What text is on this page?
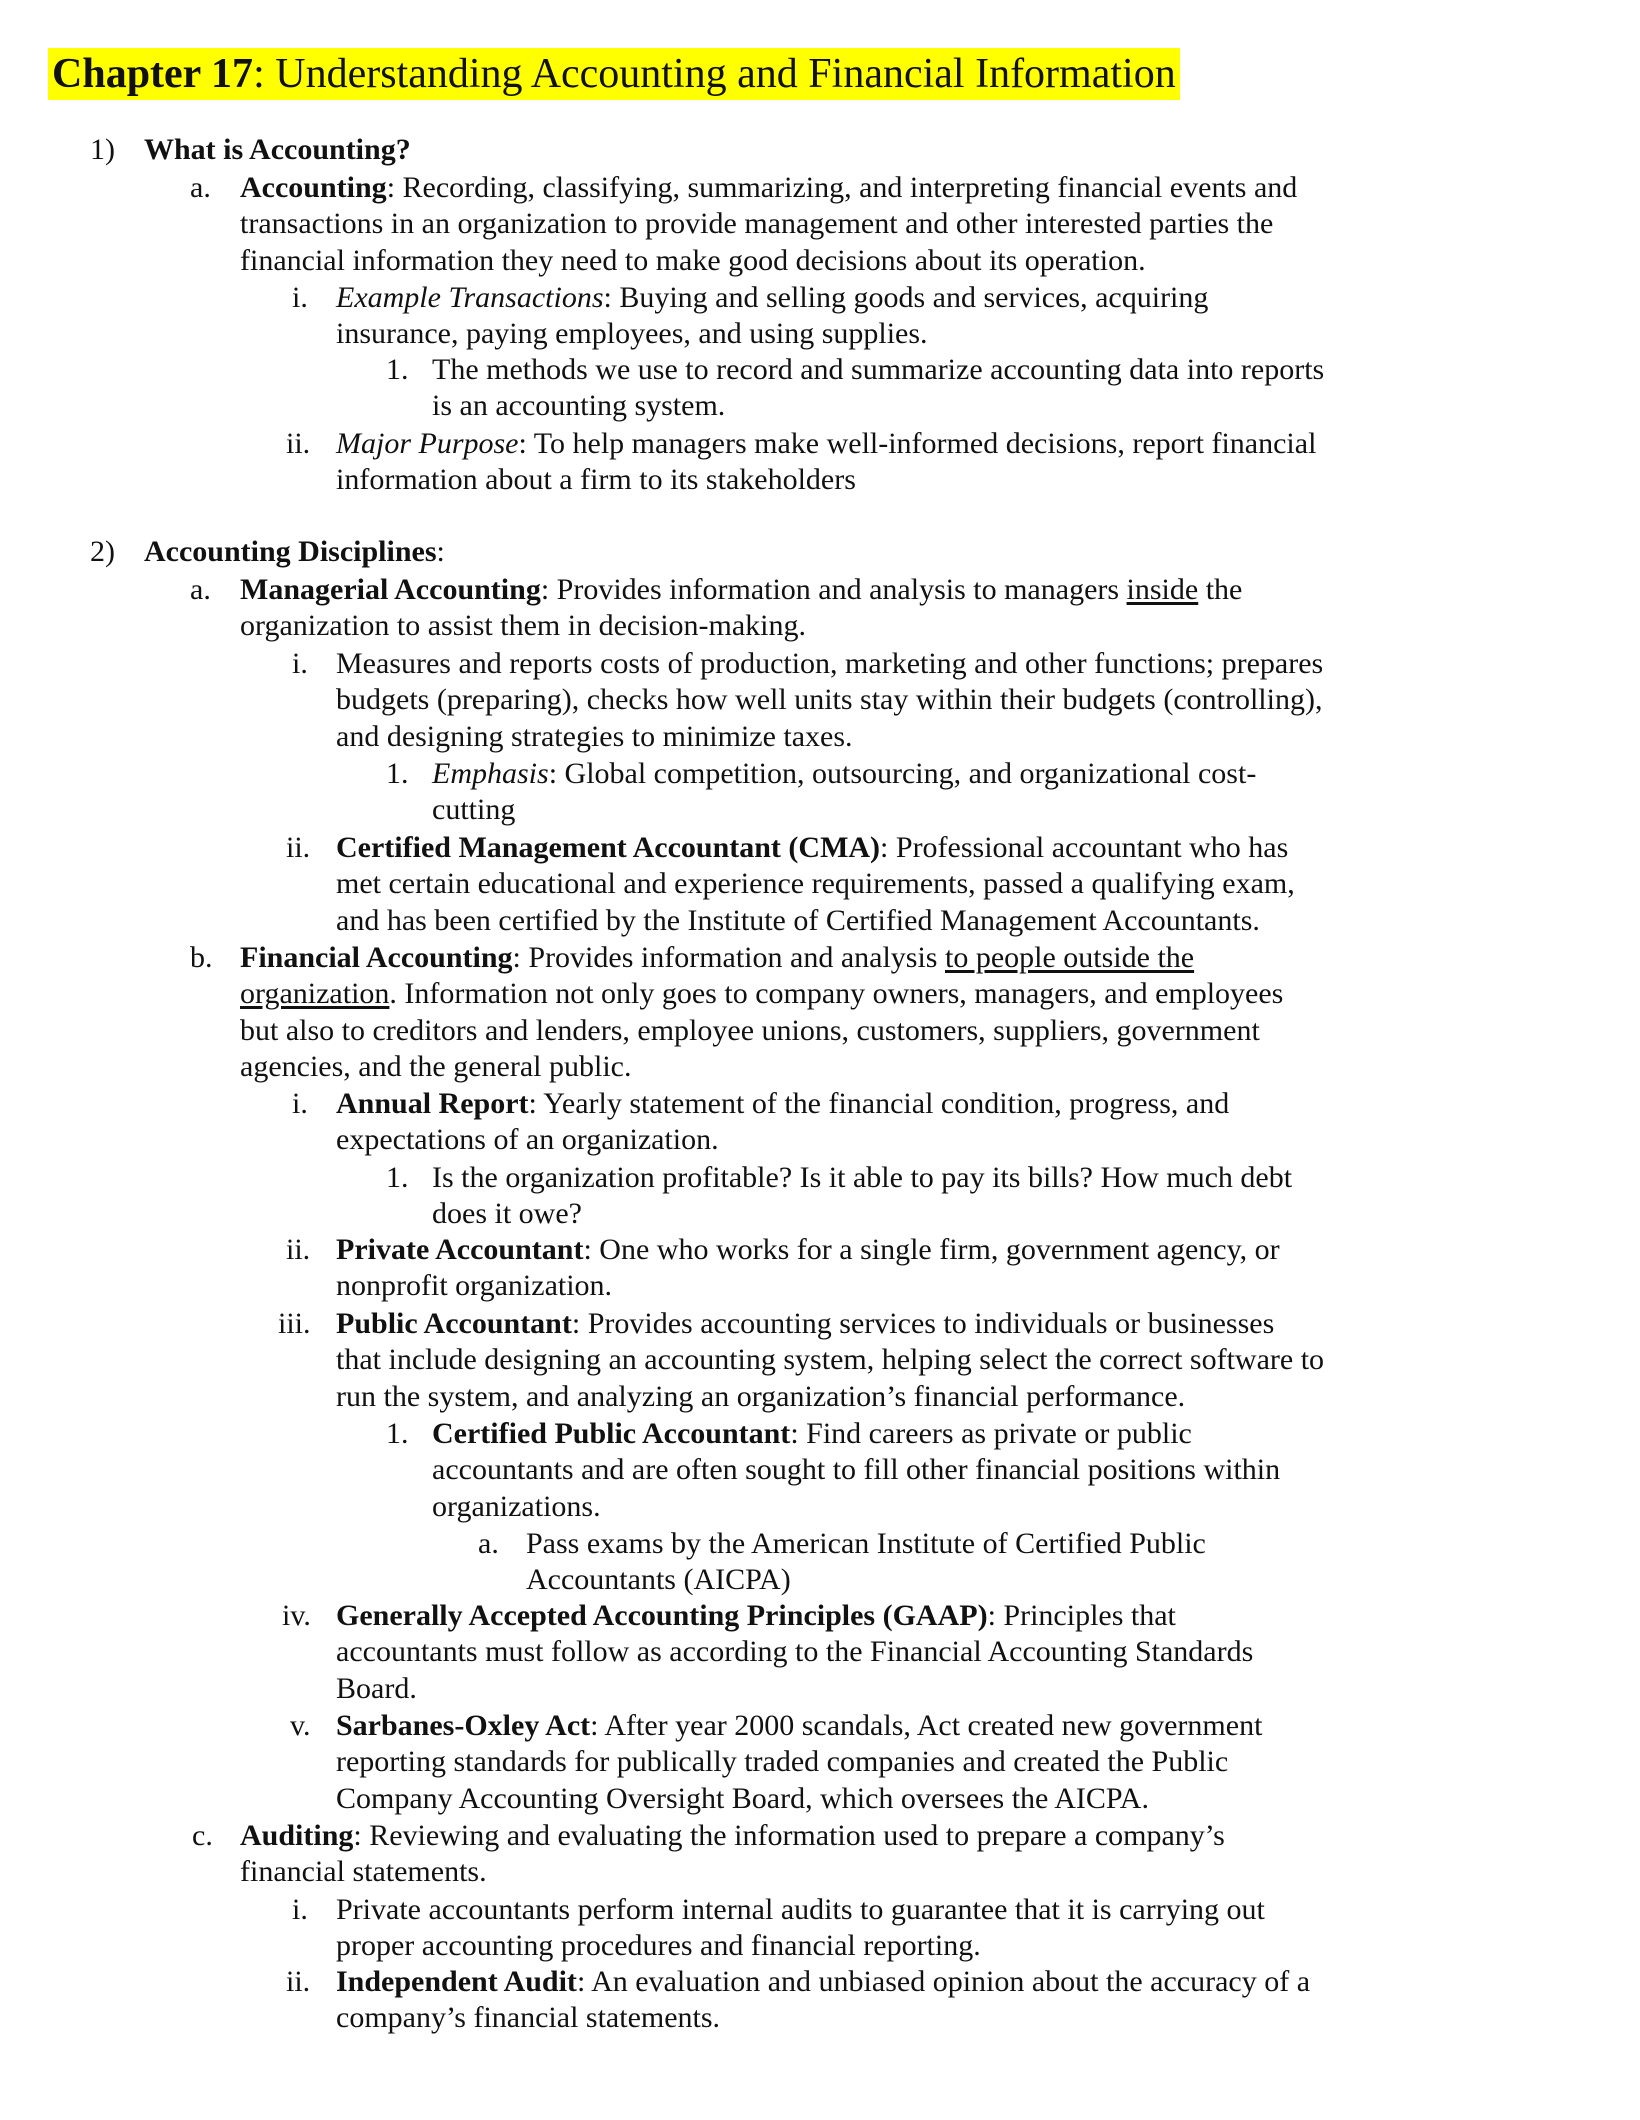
Chapter 17: Understanding Accounting and Financial Information
1) What is Accounting?
a. Accounting: Recording, classifying, summarizing, and interpreting financial events and
transactions in an organization to provide management and other interested parties the
financial information they need to make good decisions about its operation.
i. Example Transactions: Buying and selling goods and services, acquiring
insurance, paying employees, and using supplies.
1. The methods we use to record and summarize accounting data into reports
is an accounting system.
ii. Major Purpose: To help managers make well-informed decisions, report financial
information about a firm to its stakeholders
2) Accounting Disciplines:
a. Managerial Accounting: Provides information and analysis to managers inside the
organization to assist them in decision-making.
i. Measures and reports costs of production, marketing and other functions; prepares
budgets (preparing), checks how well units stay within their budgets (controlling),
and designing strategies to minimize taxes.
1. Emphasis: Global competition, outsourcing, and organizational cost-
cutting
ii. Certified Management Accountant (CMA): Professional accountant who has
met certain educational and experience requirements, passed a qualifying exam,
and has been certified by the Institute of Certified Management Accountants.
b. Financial Accounting: Provides information and analysis to people outside the
organization. Information not only goes to company owners, managers, and employees
but also to creditors and lenders, employee unions, customers, suppliers, government
agencies, and the general public.
i. Annual Report: Yearly statement of the financial condition, progress, and
expectations of an organization.
1. Is the organization profitable? Is it able to pay its bills? How much debt
does it owe?
ii. Private Accountant: One who works for a single firm, government agency, or
nonprofit organization.
iii. Public Accountant: Provides accounting services to individuals or businesses
that include designing an accounting system, helping select the correct software to
run the system, and analyzing an organization’s financial performance.
1. Certified Public Accountant: Find careers as private or public
accountants and are often sought to fill other financial positions within
organizations.
a. Pass exams by the American Institute of Certified Public
Accountants (AICPA)
iv. Generally Accepted Accounting Principles (GAAP): Principles that
accountants must follow as according to the Financial Accounting Standards
Board.
v. Sarbanes-Oxley Act: After year 2000 scandals, Act created new government
reporting standards for publically traded companies and created the Public
Company Accounting Oversight Board, which oversees the AICPA.
c. Auditing: Reviewing and evaluating the information used to prepare a company’s
financial statements.
i. Private accountants perform internal audits to guarantee that it is carrying out
proper accounting procedures and financial reporting.
ii. Independent Audit: An evaluation and unbiased opinion about the accuracy of a
company’s financial statements.
